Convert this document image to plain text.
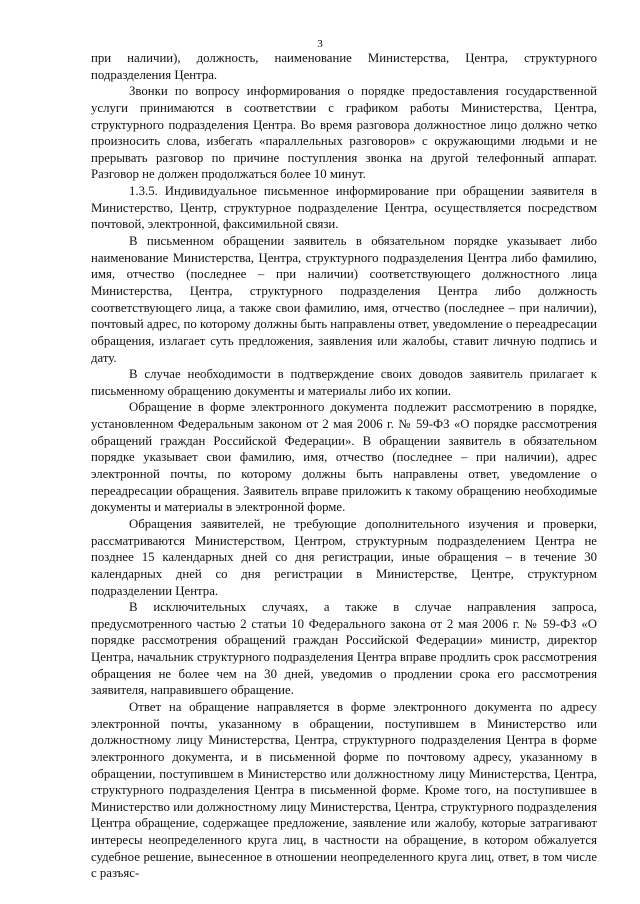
3

при наличии), должность, наименование Министерства, Центра, структурного подразделения Центра.

Звонки по вопросу информирования о порядке предоставления государственной услуги принимаются в соответствии с графиком работы Министерства, Центра, структурного подразделения Центра. Во время разговора должностное лицо должно четко произносить слова, избегать «параллельных разговоров» с окружающими людьми и не прерывать разговор по причине поступления звонка на другой телефонный аппарат. Разговор не должен продолжаться более 10 минут.

1.3.5. Индивидуальное письменное информирование при обращении заявителя в Министерство, Центр, структурное подразделение Центра, осуществляется посредством почтовой, электронной, факсимильной связи.

В письменном обращении заявитель в обязательном порядке указывает либо наименование Министерства, Центра, структурного подразделения Центра либо фамилию, имя, отчество (последнее – при наличии) соответствующего должностного лица Министерства, Центра, структурного подразделения Центра либо должность соответствующего лица, а также свои фамилию, имя, отчество (последнее – при наличии), почтовый адрес, по которому должны быть направлены ответ, уведомление о переадресации обращения, излагает суть предложения, заявления или жалобы, ставит личную подпись и дату.

В случае необходимости в подтверждение своих доводов заявитель прилагает к письменному обращению документы и материалы либо их копии.

Обращение в форме электронного документа подлежит рассмотрению в порядке, установленном Федеральным законом от 2 мая 2006 г. № 59-ФЗ «О порядке рассмотрения обращений граждан Российской Федерации». В обращении заявитель в обязательном порядке указывает свои фамилию, имя, отчество (последнее – при наличии), адрес электронной почты, по которому должны быть направлены ответ, уведомление о переадресации обращения. Заявитель вправе приложить к такому обращению необходимые документы и материалы в электронной форме.

Обращения заявителей, не требующие дополнительного изучения и проверки, рассматриваются Министерством, Центром, структурным подразделением Центра не позднее 15 календарных дней со дня регистрации, иные обращения – в течение 30 календарных дней со дня регистрации в Министерстве, Центре, структурном подразделении Центра.

В исключительных случаях, а также в случае направления запроса, предусмотренного частью 2 статьи 10 Федерального закона от 2 мая 2006 г. № 59-ФЗ «О порядке рассмотрения обращений граждан Российской Федерации» министр, директор Центра, начальник структурного подразделения Центра вправе продлить срок рассмотрения обращения не более чем на 30 дней, уведомив о продлении срока его рассмотрения заявителя, направившего обращение.

Ответ на обращение направляется в форме электронного документа по адресу электронной почты, указанному в обращении, поступившем в Министерство или должностному лицу Министерства, Центра, структурного подразделения Центра в форме электронного документа, и в письменной форме по почтовому адресу, указанному в обращении, поступившем в Министерство или должностному лицу Министерства, Центра, структурного подразделения Центра в письменной форме. Кроме того, на поступившее в Министерство или должностному лицу Министерства, Центра, структурного подразделения Центра обращение, содержащее предложение, заявление или жалобу, которые затрагивают интересы неопределенного круга лиц, в частности на обращение, в котором обжалуется судебное решение, вынесенное в отношении неопределенного круга лиц, ответ, в том числе с разъяс-
